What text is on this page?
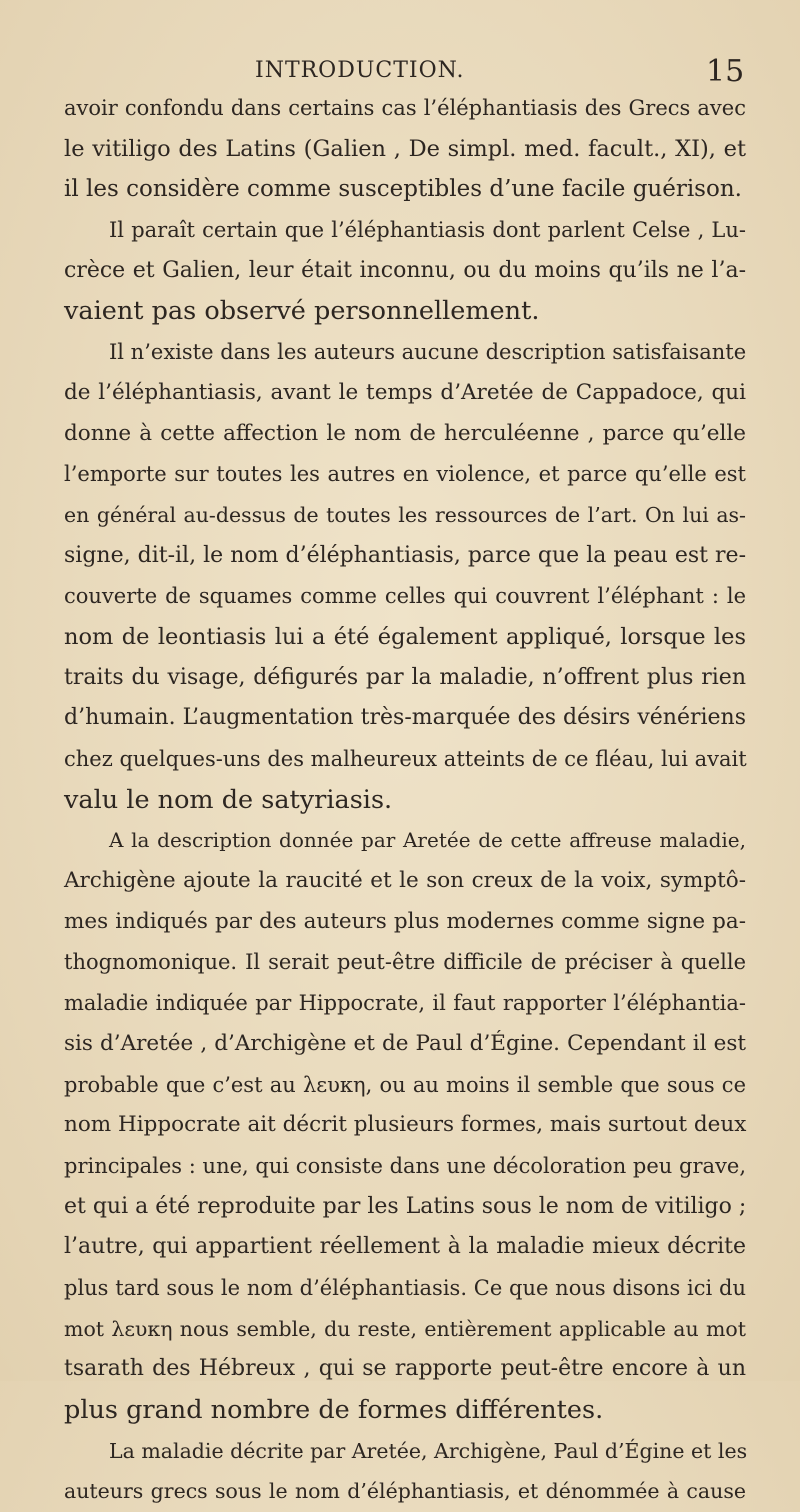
INTRODUCTION.	15
avoir confondu dans certains cas l’éléphantiasis des Grecs avec
le vitiligo des Latins (Galien , De simpl. med. facult., XI), et
il les considère comme susceptibles d’une facile guérison.
Il paraît certain que l’éléphantiasis dont parlent Celse , Lu-
crèce et Galien, leur était inconnu, ou du moins qu’ils ne l’a-
vaient pas observé personnellement.
Il n’existe dans les auteurs aucune description satisfaisante
de l’éléphantiasis, avant le temps d’Aretée de Cappadoce, qui
donne à cette affection le nom de herculéenne , parce qu’elle
l’emporte sur toutes les autres en violence, et parce qu’elle est
en général au-dessus de toutes les ressources de l’art. On lui as-
signe, dit-il, le nom d’éléphantiasis, parce que la peau est re-
couverte de squames comme celles qui couvrent l’éléphant : le
nom de leontiasis lui a été également appliqué, lorsque les
traits du visage, défigurés par la maladie, n’offrent plus rien
d’humain. L’augmentation très-marquée des désirs vénériens
chez quelques-uns des malheureux atteints de ce fléau, lui avait
valu le nom de satyriasis.
A la description donnée par Aretée de cette affreuse maladie,
Archigène ajoute la raucité et le son creux de la voix, symptô-
mes indiqués par des auteurs plus modernes comme signe pa-
thognomonique. Il serait peut-être difficile de préciser à quelle
maladie indiquée par Hippocrate, il faut rapporter l’éléphantia-
sis d’Aretée , d’Archigène et de Paul d’Égine. Cependant il est
probable que c’est au λευκη, ou au moins il semble que sous ce
nom Hippocrate ait décrit plusieurs formes, mais surtout deux
principales : une, qui consiste dans une décoloration peu grave,
et qui a été reproduite par les Latins sous le nom de vitiligo ;
l’autre, qui appartient réellement à la maladie mieux décrite
plus tard sous le nom d’éléphantiasis. Ce que nous disons ici du
mot λευκη nous semble, du reste, entièrement applicable au mot
tsarath des Hébreux , qui se rapporte peut-être encore à un
plus grand nombre de formes différentes.
La maladie décrite par Aretée, Archigène, Paul d’Égine et les
auteurs grecs sous le nom d’éléphantiasis, et dénommée à cause
